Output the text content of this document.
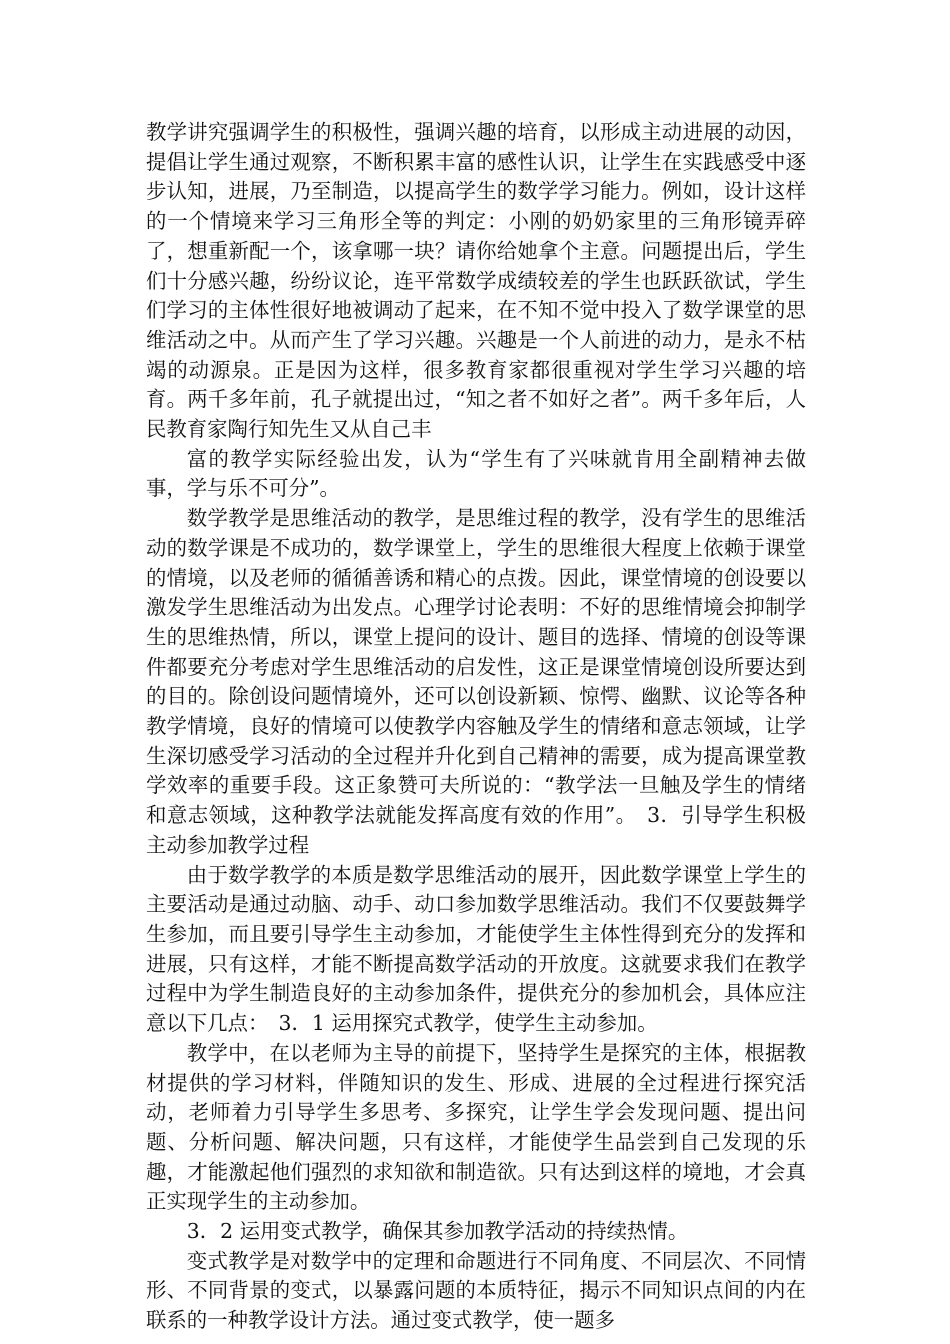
教学讲究强调学生的积极性，强调兴趣的培育，以形成主动进展的动因，提倡让学生通过观察，不断积累丰富的感性认识，让学生在实践感受中逐步认知，进展，乃至制造，以提高学生的数学学习能力。例如，设计这样的一个情境来学习三角形全等的判定：小刚的奶奶家里的三角形镜弄碎了，想重新配一个，该拿哪一块？请你给她拿个主意。问题提出后，学生们十分感兴趣，纷纷议论，连平常数学成绩较差的学生也跃跃欲试，学生们学习的主体性很好地被调动了起来，在不知不觉中投入了数学课堂的思维活动之中。从而产生了学习兴趣。兴趣是一个人前进的动力，是永不枯竭的动源泉。正是因为这样，很多教育家都很重视对学生学习兴趣的培育。两千多年前，孔子就提出过，“知之者不如好之者”。两千多年后，人民教育家陶行知先生又从自己丰

富的教学实际经验出发，认为“学生有了兴味就肯用全副精神去做事，学与乐不可分”。

数学教学是思维活动的教学，是思维过程的教学，没有学生的思维活动的数学课是不成功的，数学课堂上，学生的思维很大程度上依赖于课堂的情境，以及老师的循循善诱和精心的点拨。因此，课堂情境的创设要以激发学生思维活动为出发点。心理学讨论表明：不好的思维情境会抑制学生的思维热情，所以，课堂上提问的设计、题目的选择、情境的创设等课件都要充分考虑对学生思维活动的启发性，这正是课堂情境创设所要达到的目的。除创设问题情境外，还可以创设新颖、惊愕、幽默、议论等各种教学情境，良好的情境可以使教学内容触及学生的情绪和意志领域，让学生深切感受学习活动的全过程并升化到自己精神的需要，成为提高课堂教学效率的重要手段。这正象赞可夫所说的：“教学法一旦触及学生的情绪和意志领域，这种教学法就能发挥高度有效的作用”。　3．引导学生积极主动参加教学过程

由于数学教学的本质是数学思维活动的展开，因此数学课堂上学生的主要活动是通过动脑、动手、动口参加数学思维活动。我们不仅要鼓舞学生参加，而且要引导学生主动参加，才能使学生主体性得到充分的发挥和进展，只有这样，才能不断提高数学活动的开放度。这就要求我们在教学过程中为学生制造良好的主动参加条件，提供充分的参加机会，具体应注意以下几点：　3．1 运用探究式教学，使学生主动参加。

教学中，在以老师为主导的前提下，坚持学生是探究的主体，根据教材提供的学习材料，伴随知识的发生、形成、进展的全过程进行探究活动，老师着力引导学生多思考、多探究，让学生学会发现问题、提出问题、分析问题、解决问题，只有这样，才能使学生品尝到自己发现的乐趣，才能激起他们强烈的求知欲和制造欲。只有达到这样的境地，才会真正实现学生的主动参加。

3．2 运用变式教学，确保其参加教学活动的持续热情。

变式教学是对数学中的定理和命题进行不同角度、不同层次、不同情形、不同背景的变式，以暴露问题的本质特征，揭示不同知识点间的内在联系的一种教学设计方法。通过变式教学，使一题多
